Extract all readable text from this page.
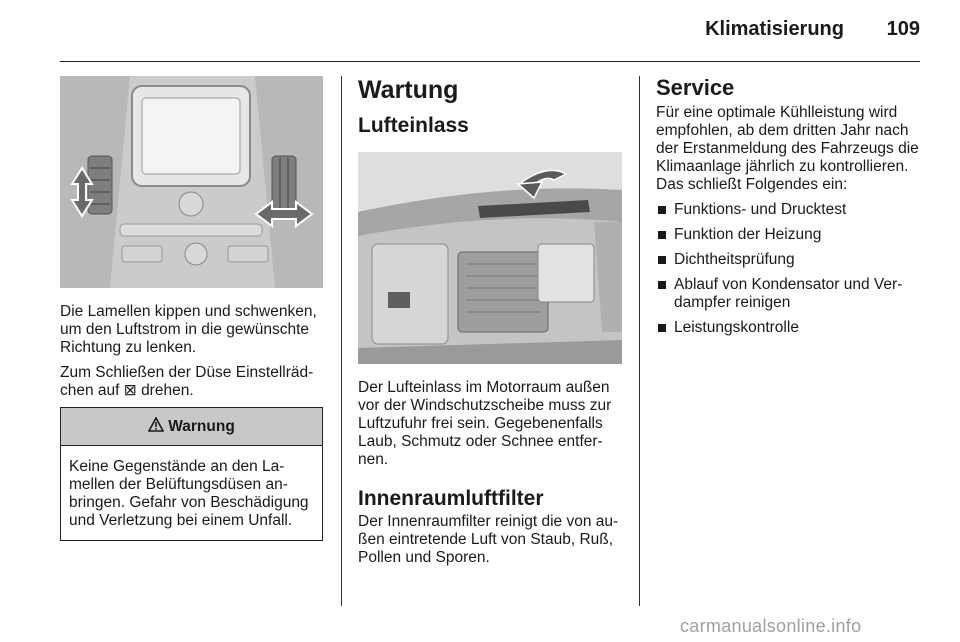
Klimatisierung	109
Die Lamellen kippen und schwenken, um den Luftstrom in die gewünschte Richtung zu lenken.
Zum Schließen der Düse Einstellrädchen auf ⊠ drehen.
Warnung
Keine Gegenstände an den Lamellen der Belüftungsdüsen anbringen. Gefahr von Beschädigung und Verletzung bei einem Unfall.
Wartung
Lufteinlass
Der Lufteinlass im Motorraum außen vor der Windschutzscheibe muss zur Luftzufuhr frei sein. Gegebenenfalls Laub, Schmutz oder Schnee entfernen.
Innenraumluftfilter
Der Innenraumfilter reinigt die von außen eintretende Luft von Staub, Ruß, Pollen und Sporen.
Service
Für eine optimale Kühlleistung wird empfohlen, ab dem dritten Jahr nach der Erstanmeldung des Fahrzeugs die Klimaanlage jährlich zu kontrollieren. Das schließt Folgendes ein:
Funktions- und Drucktest
Funktion der Heizung
Dichtheitsprüfung
Ablauf von Kondensator und Verdampfer reinigen
Leistungskontrolle
carmanualsonline.info
